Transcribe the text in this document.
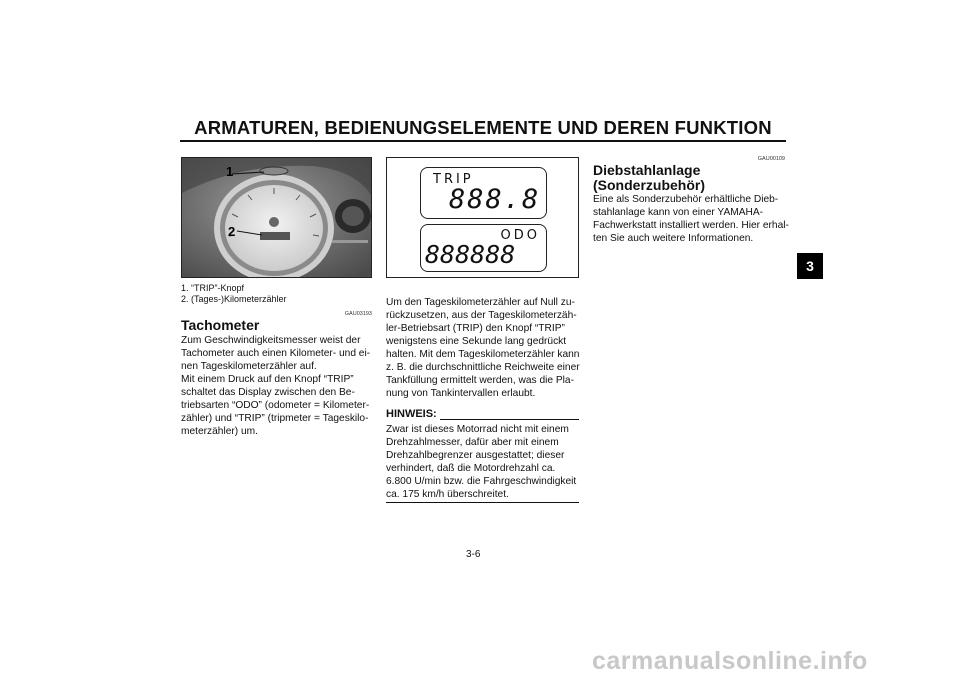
ARMATUREN, BEDIENUNGSELEMENTE UND DEREN FUNKTION
3
1
2
TRIP
888.8
ODO
888888
1. “TRIP”-Knopf
2. (Tages-)Kilometerzähler
GAU03193
Tachometer
Zum Geschwindigkeitsmesser weist der
Tachometer auch einen Kilometer- und ei-
nen Tageskilometerzähler auf.
Mit einem Druck auf den Knopf “TRIP”
schaltet das Display zwischen den Be-
triebsarten “ODO” (odometer = Kilometer-
zähler) und “TRIP” (tripmeter = Tageskilo-
meterzähler) um.
Um den Tageskilometerzähler auf Null zu-
rückzusetzen, aus der Tageskilometerzäh-
ler-Betriebsart (TRIP) den Knopf “TRIP”
wenigstens eine Sekunde lang gedrückt
halten. Mit dem Tageskilometerzähler kann
z. B. die durchschnittliche Reichweite einer
Tankfüllung ermittelt werden, was die Pla-
nung von Tankintervallen erlaubt.
HINWEIS:
Zwar ist dieses Motorrad nicht mit einem
Drehzahlmesser, dafür aber mit einem
Drehzahlbegrenzer ausgestattet; dieser
verhindert, daß die Motordrehzahl ca.
6.800 U/min bzw. die Fahrgeschwindigkeit
ca. 175 km/h überschreitet.
GAU00109
Diebstahlanlage
(Sonderzubehör)
Eine als Sonderzubehör erhältliche Dieb-
stahlanlage kann von einer YAMAHA-
Fachwerkstatt installiert werden. Hier erhal-
ten Sie auch weitere Informationen.
3-6
carmanualsonline.info
